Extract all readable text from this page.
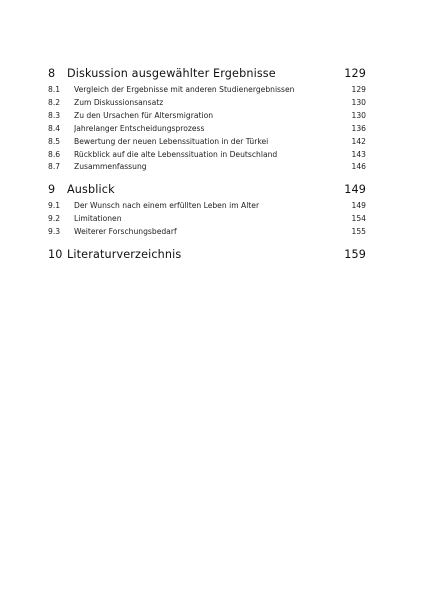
8	Diskussion ausgewählter Ergebnisse	129
8.1	Vergleich der Ergebnisse mit anderen Studienergebnissen	129
8.2	Zum Diskussionsansatz	130
8.3	Zu den Ursachen für Altersmigration	130
8.4	Jahrelanger Entscheidungsprozess	136
8.5	Bewertung der neuen Lebenssituation in der Türkei	142
8.6	Rückblick auf die alte Lebenssituation in Deutschland	143
8.7	Zusammenfassung	146
9	Ausblick	149
9.1	Der Wunsch nach einem erfüllten Leben im Alter	149
9.2	Limitationen	154
9.3	Weiterer Forschungsbedarf	155
10 Literaturverzeichnis	159
